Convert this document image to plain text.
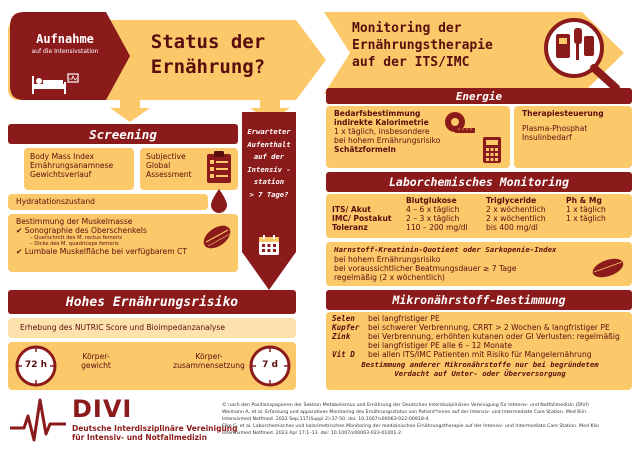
Aufnahme
auf die Intensivstation	Status der
Ernährung?
Screening
Body Mass Index
Ernährungsanamnese
Gewichtsverlauf
Subjective
Global
Assessment
Hydratationszustand
Bestimmung der Muskelmasse
✔ Sonographie des Oberschenkels
– Querschnitt des M. rectus femoris
– Dicke des M. quadriceps femoris
✔ Lumbale Muskelfläche bei verfügbarem CT
Erwarteter
Aufenthalt
auf der
Intensiv -
station
> 7 Tage?
Hohes Ernährungsrisiko
Erhebung des NUTRIC Score und Bioimpedanzanalyse
72 h
Körper-
gewicht
Körper-
zusammensetzung	7 d
Monitoring der
Ernährungstherapie
auf der ITS/IMC
Energie
Bedarfsbestimmung
indirekte Kalorimetrie
1 x täglich, insbesondere
bei hohem Ernährungsrisiko
Schätzformeln
Therapiesteuerung
Plasma-Phosphat
Insulinbedarf
Laborchemisches Monitoring
Blutglukose	Triglyceride	Ph & Mg
ITS/ Akut	4 – 6 x täglich	2 x wöchentlich	1 x täglich
IMC/ Postakut	2 – 3 x täglich	2 x wöchentlich	1 x täglich
Toleranz	110 – 200 mg/dl	bis 400 mg/dl
Harnstoff-Kreatinin-Quotient oder Sarkopenie-Index
bei hohem Ernährungsrisiko
bei voraussichtlicher Beatmungsdauer ≥ 7 Tage
regelmäßig (2 x wöchentlich)
Mikronährstoff-Bestimmung
Selen	bei langfristiger PE
Kupfer	bei schwerer Verbrennung, CRRT > 2 Wochen & langfristiger PE
Zink	bei Verbrennung, erhöhten kutanen oder GI Verlusten: regelmäßig
bei langfristiger PE alle 6 – 12 Monate
Vit D	bei allen ITS/IMC Patienten mit Risiko für Mangelernährung
Bestimmung anderer Mikronährstoffe nur bei begründetem
Verdacht auf Unter- oder Überversorgung
DIVI
Deutsche Interdisziplinäre Vereinigung
für Intensiv- und Notfallmedizin
© nach den Positionspapieren der Sektion Metabolismus und Ernährung der Deutschen Interdisziplinären Vereinigung für Intensiv- und Notfallmedizin (DIVI)
Weimann A, et al. Erfassung und apparatives Monitoring des Ernährungsstatus von Patient*innen auf der Intensiv- und Intermediate Care Station. Med Klin
Intensivmed Notfmed. 2022 Sep;117(Suppl 2):37-50. doi: 10.1007/s00063-022-00918-4.
Elke G, et al. Laborchemisches und kalorimetrisches Monitoring der medizinischen Ernährungstherapie auf der Intensiv- und Intermediate Care Station. Med Klin
Intensivmed Notfmed. 2023 Apr 17:1–13. doi: 10.1007/s00063-023-01001-2.
